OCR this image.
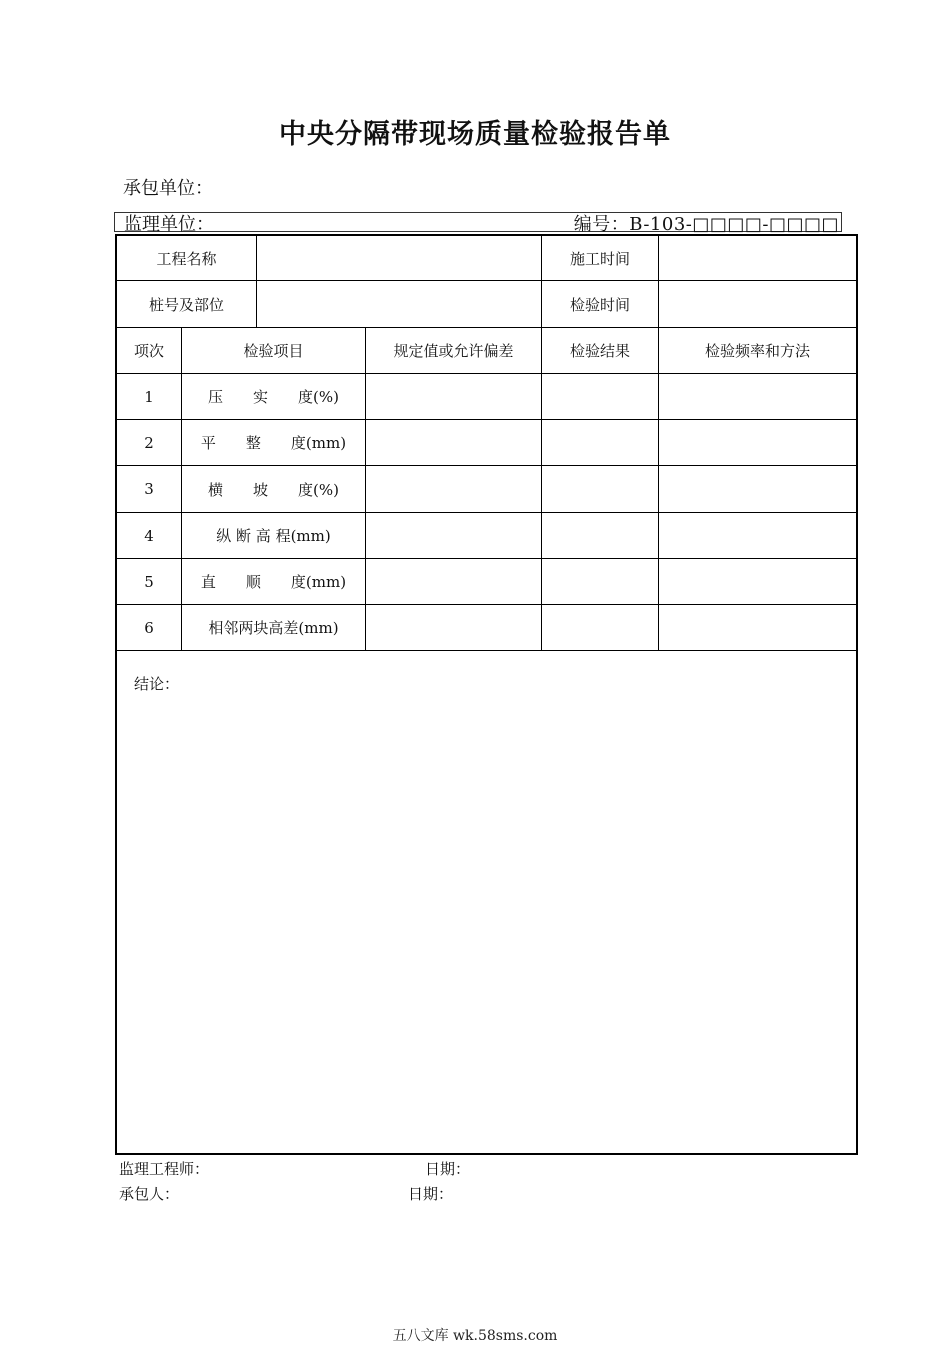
中央分隔带现场质量检验报告单
承包单位：
监理单位：	编号：B-103-□□□□-□□□□
工程名称	施工时间
桩号及部位	检验时间
项次	检验项目	规定值或允许偏差	检验结果	检验频率和方法
1	压　　实　　度(%)
2	平　　整　　度(mm)
3	横　　坡　　度(%)
4	纵 断 高 程(mm)
5	直　　顺　　度(mm)
6	相邻两块高差(mm)
结论：
监理工程师：	日期：
承包人：	日期：
五八文库 wk.58sms.com
